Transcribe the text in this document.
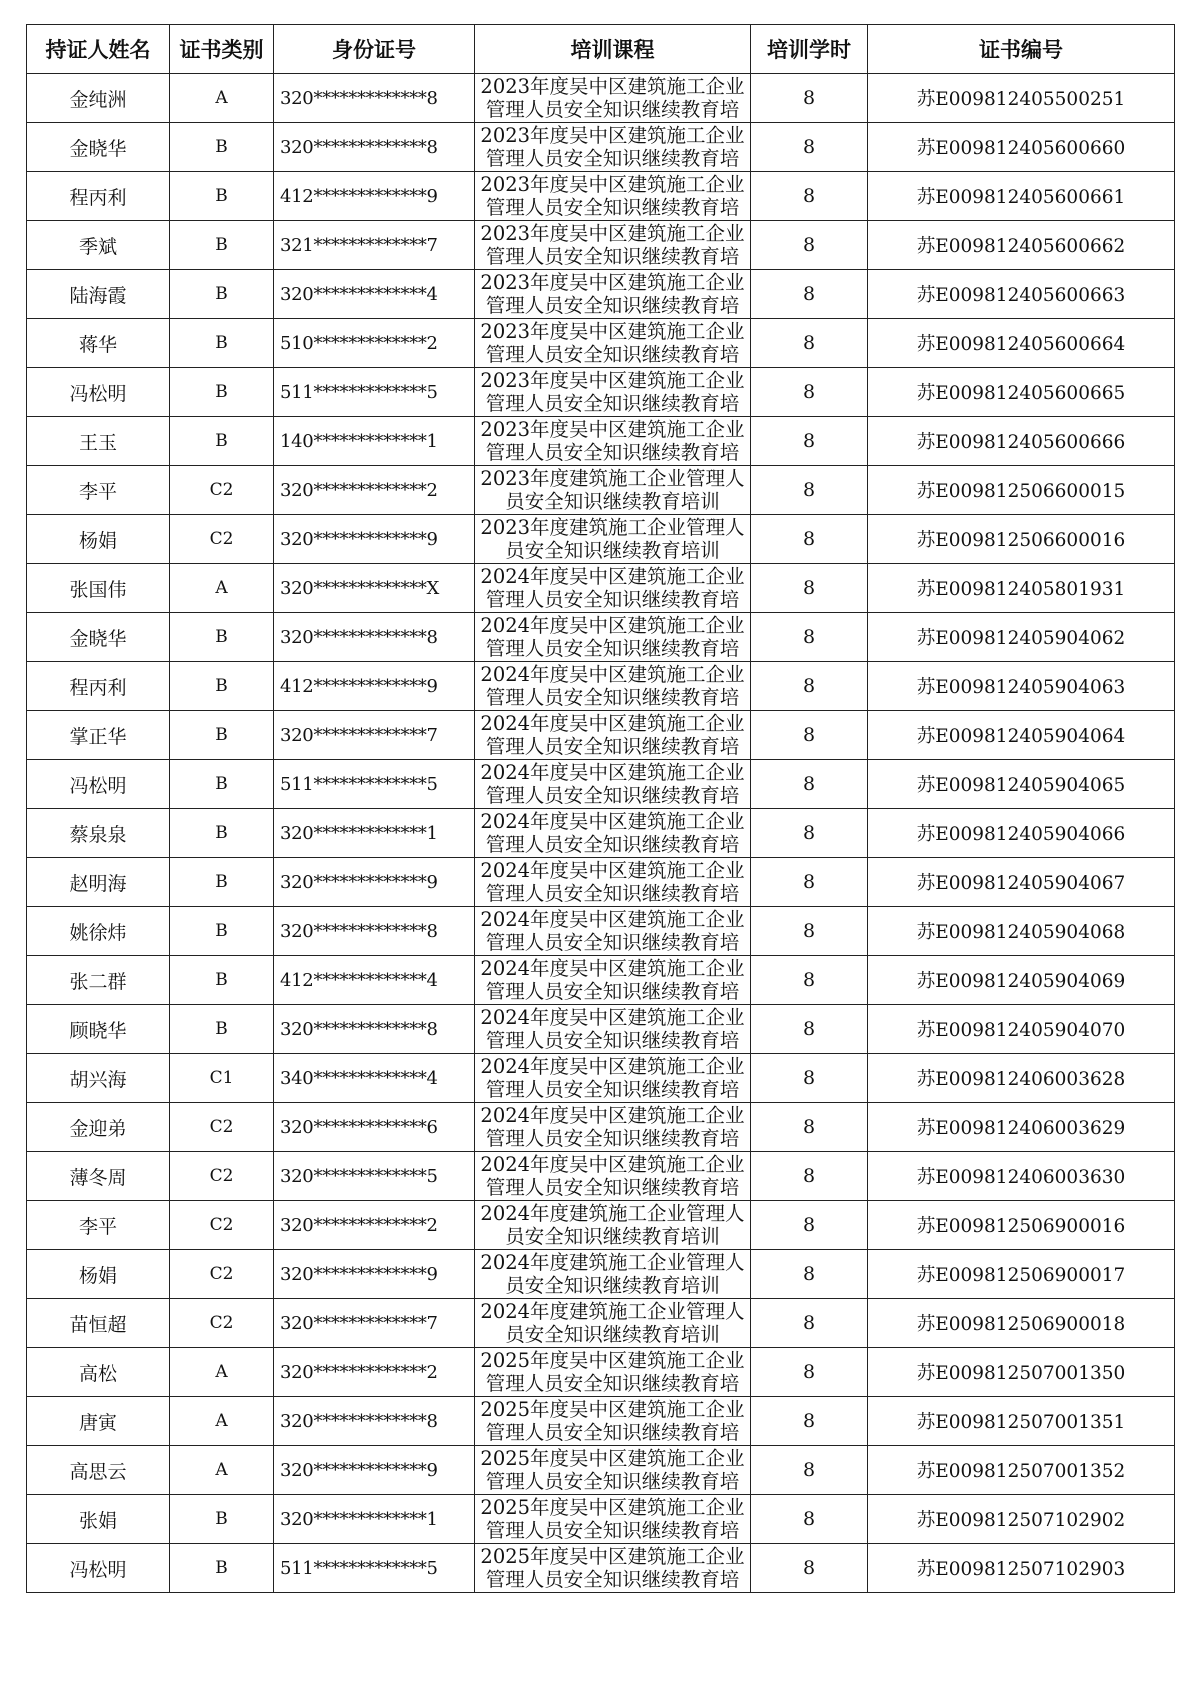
持证人姓名	证书类别	身份证号	培训课程	培训学时	证书编号
金纯洲	A	320*************8	2023年度吴中区建筑施工企业管理人员安全知识继续教育培	8	苏E009812405500251
金晓华	B	320*************8	2023年度吴中区建筑施工企业管理人员安全知识继续教育培	8	苏E009812405600660
程丙利	B	412*************9	2023年度吴中区建筑施工企业管理人员安全知识继续教育培	8	苏E009812405600661
季斌	B	321*************7	2023年度吴中区建筑施工企业管理人员安全知识继续教育培	8	苏E009812405600662
陆海霞	B	320*************4	2023年度吴中区建筑施工企业管理人员安全知识继续教育培	8	苏E009812405600663
蒋华	B	510*************2	2023年度吴中区建筑施工企业管理人员安全知识继续教育培	8	苏E009812405600664
冯松明	B	511*************5	2023年度吴中区建筑施工企业管理人员安全知识继续教育培	8	苏E009812405600665
王玉	B	140*************1	2023年度吴中区建筑施工企业管理人员安全知识继续教育培	8	苏E009812405600666
李平	C2	320*************2	2023年度建筑施工企业管理人员安全知识继续教育培训	8	苏E009812506600015
杨娟	C2	320*************9	2023年度建筑施工企业管理人员安全知识继续教育培训	8	苏E009812506600016
张国伟	A	320*************X	2024年度吴中区建筑施工企业管理人员安全知识继续教育培	8	苏E009812405801931
金晓华	B	320*************8	2024年度吴中区建筑施工企业管理人员安全知识继续教育培	8	苏E009812405904062
程丙利	B	412*************9	2024年度吴中区建筑施工企业管理人员安全知识继续教育培	8	苏E009812405904063
掌正华	B	320*************7	2024年度吴中区建筑施工企业管理人员安全知识继续教育培	8	苏E009812405904064
冯松明	B	511*************5	2024年度吴中区建筑施工企业管理人员安全知识继续教育培	8	苏E009812405904065
蔡泉泉	B	320*************1	2024年度吴中区建筑施工企业管理人员安全知识继续教育培	8	苏E009812405904066
赵明海	B	320*************9	2024年度吴中区建筑施工企业管理人员安全知识继续教育培	8	苏E009812405904067
姚徐炜	B	320*************8	2024年度吴中区建筑施工企业管理人员安全知识继续教育培	8	苏E009812405904068
张二群	B	412*************4	2024年度吴中区建筑施工企业管理人员安全知识继续教育培	8	苏E009812405904069
顾晓华	B	320*************8	2024年度吴中区建筑施工企业管理人员安全知识继续教育培	8	苏E009812405904070
胡兴海	C1	340*************4	2024年度吴中区建筑施工企业管理人员安全知识继续教育培	8	苏E009812406003628
金迎弟	C2	320*************6	2024年度吴中区建筑施工企业管理人员安全知识继续教育培	8	苏E009812406003629
薄冬周	C2	320*************5	2024年度吴中区建筑施工企业管理人员安全知识继续教育培	8	苏E009812406003630
李平	C2	320*************2	2024年度建筑施工企业管理人员安全知识继续教育培训	8	苏E009812506900016
杨娟	C2	320*************9	2024年度建筑施工企业管理人员安全知识继续教育培训	8	苏E009812506900017
苗恒超	C2	320*************7	2024年度建筑施工企业管理人员安全知识继续教育培训	8	苏E009812506900018
高松	A	320*************2	2025年度吴中区建筑施工企业管理人员安全知识继续教育培	8	苏E009812507001350
唐寅	A	320*************8	2025年度吴中区建筑施工企业管理人员安全知识继续教育培	8	苏E009812507001351
高思云	A	320*************9	2025年度吴中区建筑施工企业管理人员安全知识继续教育培	8	苏E009812507001352
张娟	B	320*************1	2025年度吴中区建筑施工企业管理人员安全知识继续教育培	8	苏E009812507102902
冯松明	B	511*************5	2025年度吴中区建筑施工企业管理人员安全知识继续教育培	8	苏E009812507102903
